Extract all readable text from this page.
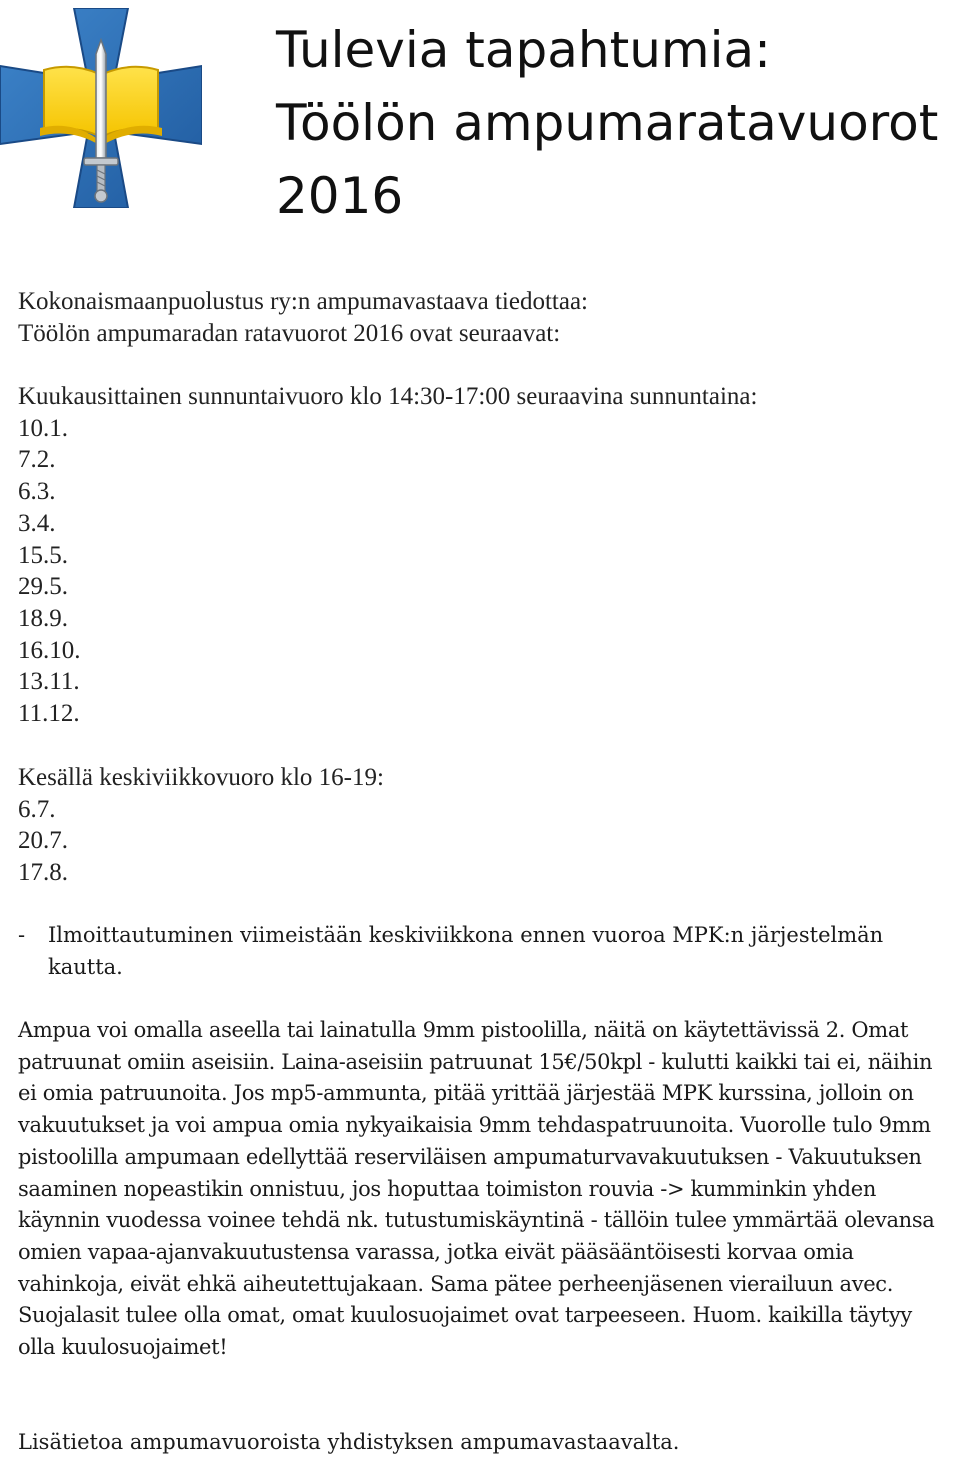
Tulevia tapahtumia:
Töölön ampumaratavuorot
2016
Kokonaismaanpuolustus ry:n ampumavastaava tiedottaa:
Töölön ampumaradan ratavuorot 2016 ovat seuraavat:
Kuukausittainen sunnuntaivuoro klo 14:30-17:00 seuraavina sunnuntaina:
10.1.
7.2.
6.3.
3.4.
15.5.
29.5.
18.9.
16.10.
13.11.
11.12.
Kesällä keskiviikkovuoro klo 16-19:
6.7.
20.7.
17.8.
-	Ilmoittautuminen viimeistään keskiviikkona ennen vuoroa MPK:n järjestelmän kautta.

Ampua voi omalla aseella tai lainatulla 9mm pistoolilla, näitä on käytettävissä 2. Omat patruunat omiin aseisiin. Laina-aseisiin patruunat 15€/50kpl - kulutti kaikki tai ei, näihin ei omia patruunoita. Jos mp5-ammunta, pitää yrittää järjestää MPK kurssina, jolloin on vakuutukset ja voi ampua omia nykyaikaisia 9mm tehdaspatruunoita. Vuorolle tulo 9mm pistoolilla ampumaan edellyttää reserviläisen ampumaturvavakuutuksen - Vakuutuksen saaminen nopeastikin onnistuu, jos hoputtaa toimiston rouvia -> kumminkin yhden käynnin vuodessa voinee tehdä nk. tutustumiskäyntinä - tällöin tulee ymmärtää olevansa omien vapaa-ajanvakuutustensa varassa, jotka eivät pääsääntöisesti korvaa omia vahinkoja, eivät ehkä aiheutettujakaan. Sama pätee perheenjäsenen vierailuun avec. Suojalasit tulee olla omat, omat kuulosuojaimet ovat tarpeeseen. Huom. kaikilla täytyy olla kuulosuojaimet!

Lisätietoa ampumavuoroista yhdistyksen ampumavastaavalta.
